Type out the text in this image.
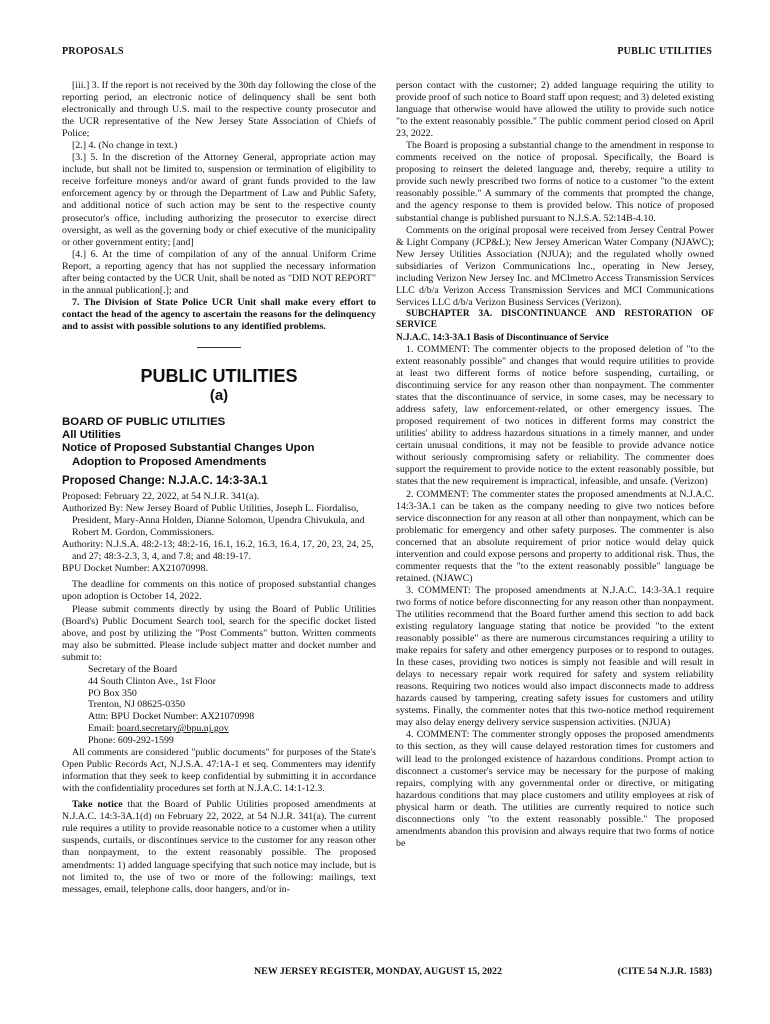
PROPOSALS	PUBLIC UTILITIES

[iii.] 3. If the report is not received by the 30th day following the close of the reporting period, an electronic notice of delinquency shall be sent both electronically and through U.S. mail to the respective county prosecutor and the UCR representative of the New Jersey State Association of Chiefs of Police;

[2.] 4. (No change in text.)

[3.] 5. In the discretion of the Attorney General, appropriate action may include, but shall not be limited to, suspension or termination of eligibility to receive forfeiture moneys and/or award of grant funds provided to the law enforcement agency by or through the Department of Law and Public Safety, and additional notice of such action may be sent to the respective county prosecutor's office, including authorizing the prosecutor to exercise direct oversight, as well as the governing body or chief executive of the municipality or other government entity; [and]

[4.] 6. At the time of compilation of any of the annual Uniform Crime Report, a reporting agency that has not supplied the necessary information after being contacted by the UCR Unit, shall be noted as "DID NOT REPORT" in the annual publication[.]; and

7. The Division of State Police UCR Unit shall make every effort to contact the head of the agency to ascertain the reasons for the delinquency and to assist with possible solutions to any identified problems.

PUBLIC UTILITIES
(a)
BOARD OF PUBLIC UTILITIES
All Utilities
Notice of Proposed Substantial Changes Upon
Adoption to Proposed Amendments
Proposed Change: N.J.A.C. 14:3-3A.1

Proposed: February 22, 2022, at 54 N.J.R. 341(a).

Authorized By: New Jersey Board of Public Utilities, Joseph L. Fiordaliso, President, Mary-Anna Holden, Dianne Solomon, Upendra Chivukula, and Robert M. Gordon, Commissioners.

Authority: N.J.S.A. 48:2-13; 48:2-16, 16.1, 16.2, 16.3, 16.4, 17, 20, 23, 24, 25, and 27; 48:3-2.3, 3, 4, and 7.8; and 48:19-17.

BPU Docket Number: AX21070998.

The deadline for comments on this notice of proposed substantial changes upon adoption is October 14, 2022.

Please submit comments directly by using the Board of Public Utilities (Board's) Public Document Search tool, search for the specific docket listed above, and post by utilizing the "Post Comments" button. Written comments may also be submitted. Please include subject matter and docket number and submit to:

Secretary of the Board

44 South Clinton Ave., 1st Floor

PO Box 350

Trenton, NJ 08625-0350

Attn: BPU Docket Number: AX21070998

Email: board.secretary@bpu.nj.gov

Phone: 609-292-1599

All comments are considered "public documents" for purposes of the State's Open Public Records Act, N.J.S.A. 47:1A-1 et seq. Commenters may identify information that they seek to keep confidential by submitting it in accordance with the confidentiality procedures set forth at N.J.A.C. 14:1-12.3.

Take notice that the Board of Public Utilities proposed amendments at N.J.A.C. 14:3-3A.1(d) on February 22, 2022, at 54 N.J.R. 341(a). The current rule requires a utility to provide reasonable notice to a customer when a utility suspends, curtails, or discontinues service to the customer for any reason other than nonpayment, to the extent reasonably possible. The proposed amendments: 1) added language specifying that such notice may include, but is not limited to, the use of two or more of the following: mailings, text messages, email, telephone calls, door hangers, and/or in-

person contact with the customer; 2) added language requiring the utility to provide proof of such notice to Board staff upon request; and 3) deleted existing language that otherwise would have allowed the utility to provide such notice "to the extent reasonably possible." The public comment period closed on April 23, 2022.

The Board is proposing a substantial change to the amendment in response to comments received on the notice of proposal. Specifically, the Board is proposing to reinsert the deleted language and, thereby, require a utility to provide such newly prescribed two forms of notice to a customer "to the extent reasonably possible." A summary of the comments that prompted the change, and the agency response to them is provided below. This notice of proposed substantial change is published pursuant to N.J.S.A. 52:14B-4.10.

Comments on the original proposal were received from Jersey Central Power & Light Company (JCP&L); New Jersey American Water Company (NJAWC); New Jersey Utilities Association (NJUA); and the regulated wholly owned subsidiaries of Verizon Communications Inc., operating in New Jersey, including Verizon New Jersey Inc. and MCImetro Access Transmission Services LLC d/b/a Verizon Access Transmission Services and MCI Communications Services LLC d/b/a Verizon Business Services (Verizon).

SUBCHAPTER 3A. DISCONTINUANCE AND RESTORATION OF SERVICE

N.J.A.C. 14:3-3A.1 Basis of Discontinuance of Service

1. COMMENT: The commenter objects to the proposed deletion of "to the extent reasonably possible" and changes that would require utilities to provide at least two different forms of notice before suspending, curtailing, or discontinuing service for any reason other than nonpayment. The commenter states that the discontinuance of service, in some cases, may be necessary to address safety, law enforcement-related, or other emergency issues. The proposed requirement of two notices in different forms may constrict the utilities' ability to address hazardous situations in a timely manner, and under certain unusual conditions, it may not be feasible to provide advance notice without seriously compromising safety or reliability. The commenter does support the requirement to provide notice to the extent reasonably possible, but states that the new requirement is impractical, infeasible, and unsafe. (Verizon)

2. COMMENT: The commenter states the proposed amendments at N.J.A.C. 14:3-3A.1 can be taken as the company needing to give two notices before service disconnection for any reason at all other than nonpayment, which can be problematic for emergency and other safety purposes. The commenter is also concerned that an absolute requirement of prior notice would delay quick intervention and could expose persons and property to additional risk. Thus, the commenter requests that the "to the extent reasonably possible" language be retained. (NJAWC)

3. COMMENT: The proposed amendments at N.J.A.C. 14:3-3A.1 require two forms of notice before disconnecting for any reason other than nonpayment. The utilities recommend that the Board further amend this section to add back existing regulatory language stating that notice be provided "to the extent reasonably possible" as there are numerous circumstances requiring a utility to make repairs for safety and other emergency purposes or to respond to outages. In these cases, providing two notices is simply not feasible and will result in delays to necessary repair work required for safety and system reliability reasons. Requiring two notices would also impact disconnects made to address hazards caused by tampering, creating safety issues for customers and utility systems. Finally, the commenter notes that this two-notice method requirement may also delay energy delivery service suspension activities. (NJUA)

4. COMMENT: The commenter strongly opposes the proposed amendments to this section, as they will cause delayed restoration times for customers and will lead to the prolonged existence of hazardous conditions. Prompt action to disconnect a customer's service may be necessary for the purpose of making repairs, complying with any governmental order or directive, or mitigating hazardous conditions that may place customers and utility employees at risk of physical harm or death. The utilities are currently required to notice such disconnections only "to the extent reasonably possible." The proposed amendments abandon this provision and always require that two forms of notice be

NEW JERSEY REGISTER, MONDAY, AUGUST 15, 2022	(CITE 54 N.J.R. 1583)
